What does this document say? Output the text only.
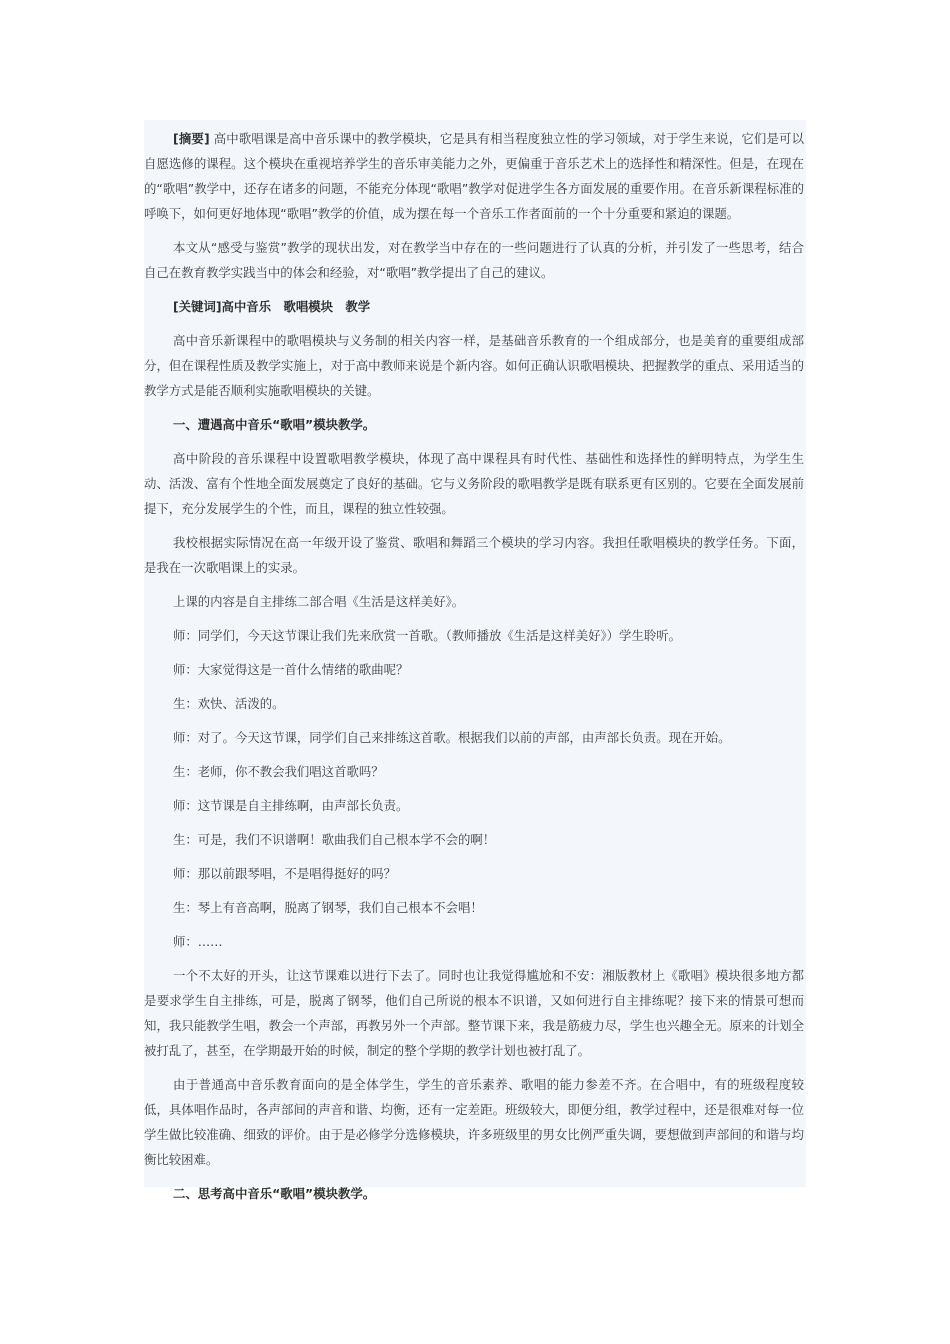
[摘要] 高中歌唱课是高中音乐课中的教学模块，它是具有相当程度独立性的学习领域，对于学生来说，它们是可以自愿选修的课程。这个模块在重视培养学生的音乐审美能力之外，更偏重于音乐艺术上的选择性和精深性。但是，在现在的“歌唱”教学中，还存在诸多的问题，不能充分体现“歌唱”教学对促进学生各方面发展的重要作用。在音乐新课程标准的呼唤下，如何更好地体现“歌唱”教学的价值，成为摆在每一个音乐工作者面前的一个十分重要和紧迫的课题。

本文从“感受与鉴赏”教学的现状出发，对在教学当中存在的一些问题进行了认真的分析，并引发了一些思考，结合自己在教育教学实践当中的体会和经验，对“歌唱”教学提出了自己的建议。

[关键词]高中音乐　歌唱模块　教学

高中音乐新课程中的歌唱模块与义务制的相关内容一样，是基础音乐教育的一个组成部分，也是美育的重要组成部分，但在课程性质及教学实施上，对于高中教师来说是个新内容。如何正确认识歌唱模块、把握教学的重点、采用适当的教学方式是能否顺利实施歌唱模块的关键。

一、遭遇高中音乐“歌唱”模块教学。

高中阶段的音乐课程中设置歌唱教学模块，体现了高中课程具有时代性、基础性和选择性的鲜明特点，为学生生动、活泼、富有个性地全面发展奠定了良好的基础。它与义务阶段的歌唱教学是既有联系更有区别的。它要在全面发展前提下，充分发展学生的个性，而且，课程的独立性较强。

我校根据实际情况在高一年级开设了鉴赏、歌唱和舞蹈三个模块的学习内容。我担任歌唱模块的教学任务。下面，是我在一次歌唱课上的实录。

上课的内容是自主排练二部合唱《生活是这样美好》。

师：同学们，今天这节课让我们先来欣赏一首歌。（教师播放《生活是这样美好》）学生聆听。

师：大家觉得这是一首什么情绪的歌曲呢？

生：欢快、活泼的。

师：对了。今天这节课，同学们自己来排练这首歌。根据我们以前的声部，由声部长负责。现在开始。

生：老师，你不教会我们唱这首歌吗？

师：这节课是自主排练啊，由声部长负责。

生：可是，我们不识谱啊！歌曲我们自己根本学不会的啊！

师：那以前跟琴唱，不是唱得挺好的吗？

生：琴上有音高啊，脱离了钢琴，我们自己根本不会唱！

师：……

一个不太好的开头，让这节课难以进行下去了。同时也让我觉得尴尬和不安：湘版教材上《歌唱》模块很多地方都是要求学生自主排练，可是，脱离了钢琴，他们自己所说的根本不识谱，又如何进行自主排练呢？接下来的情景可想而知，我只能教学生唱，教会一个声部，再教另外一个声部。整节课下来，我是筋疲力尽，学生也兴趣全无。原来的计划全被打乱了，甚至，在学期最开始的时候，制定的整个学期的教学计划也被打乱了。

由于普通高中音乐教育面向的是全体学生，学生的音乐素养、歌唱的能力参差不齐。在合唱中，有的班级程度较低，具体唱作品时，各声部间的声音和谐、均衡，还有一定差距。班级较大，即便分组，教学过程中，还是很难对每一位学生做比较准确、细致的评价。由于是必修学分选修模块，许多班级里的男女比例严重失调，要想做到声部间的和谐与均衡比较困难。

二、思考高中音乐“歌唱”模块教学。
